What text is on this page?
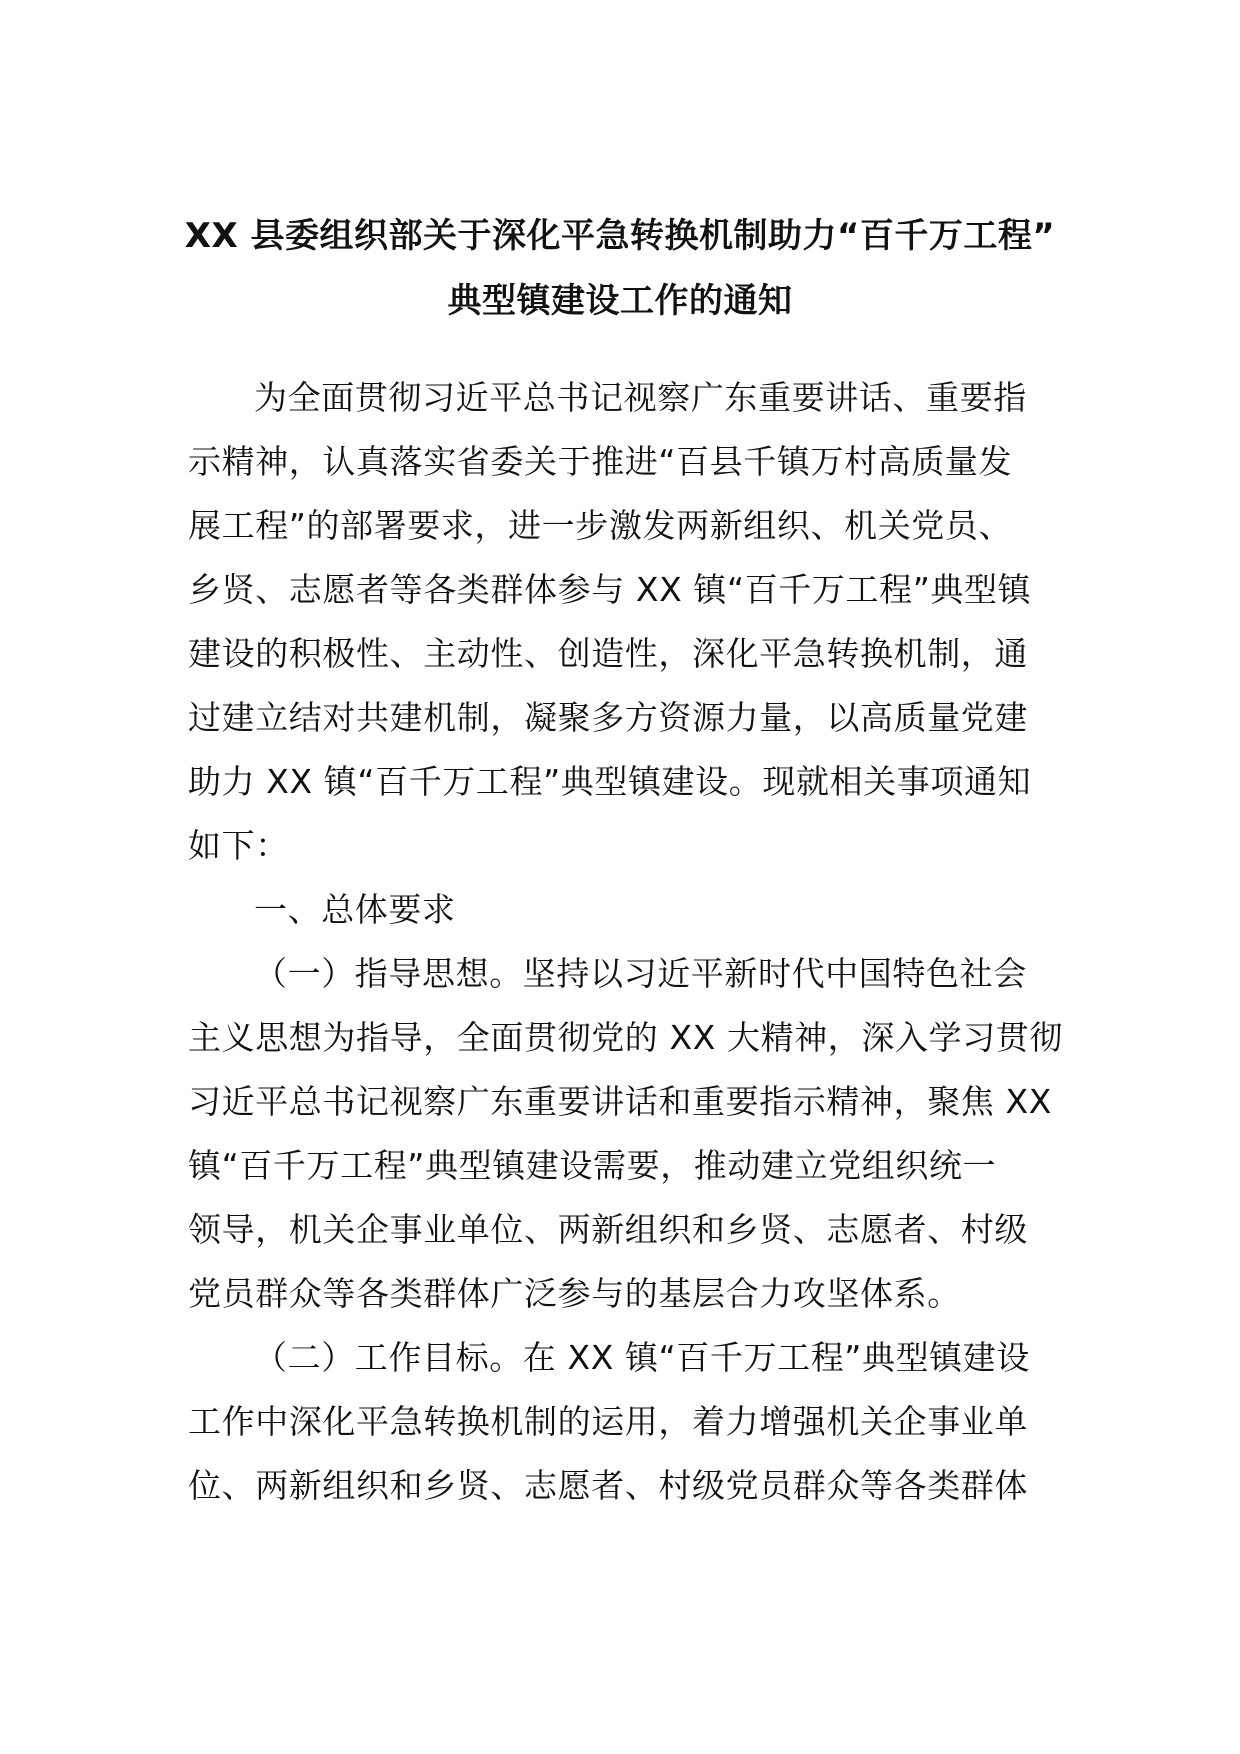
XX 县委组织部关于深化平急转换机制助力“百千万工程”
典型镇建设工作的通知
为全面贯彻习近平总书记视察广东重要讲话、重要指
示精神，认真落实省委关于推进“百县千镇万村高质量发
展工程”的部署要求，进一步激发两新组织、机关党员、
乡贤、志愿者等各类群体参与 XX 镇“百千万工程”典型镇
建设的积极性、主动性、创造性，深化平急转换机制，通
过建立结对共建机制，凝聚多方资源力量，以高质量党建
助力 XX 镇“百千万工程”典型镇建设。现就相关事项通知
如下：
一、总体要求
（一）指导思想。坚持以习近平新时代中国特色社会
主义思想为指导，全面贯彻党的 XX 大精神，深入学习贯彻
习近平总书记视察广东重要讲话和重要指示精神，聚焦 XX
镇“百千万工程”典型镇建设需要，推动建立党组织统一
领导，机关企事业单位、两新组织和乡贤、志愿者、村级
党员群众等各类群体广泛参与的基层合力攻坚体系。
（二）工作目标。在 XX 镇“百千万工程”典型镇建设
工作中深化平急转换机制的运用，着力增强机关企事业单
位、两新组织和乡贤、志愿者、村级党员群众等各类群体
